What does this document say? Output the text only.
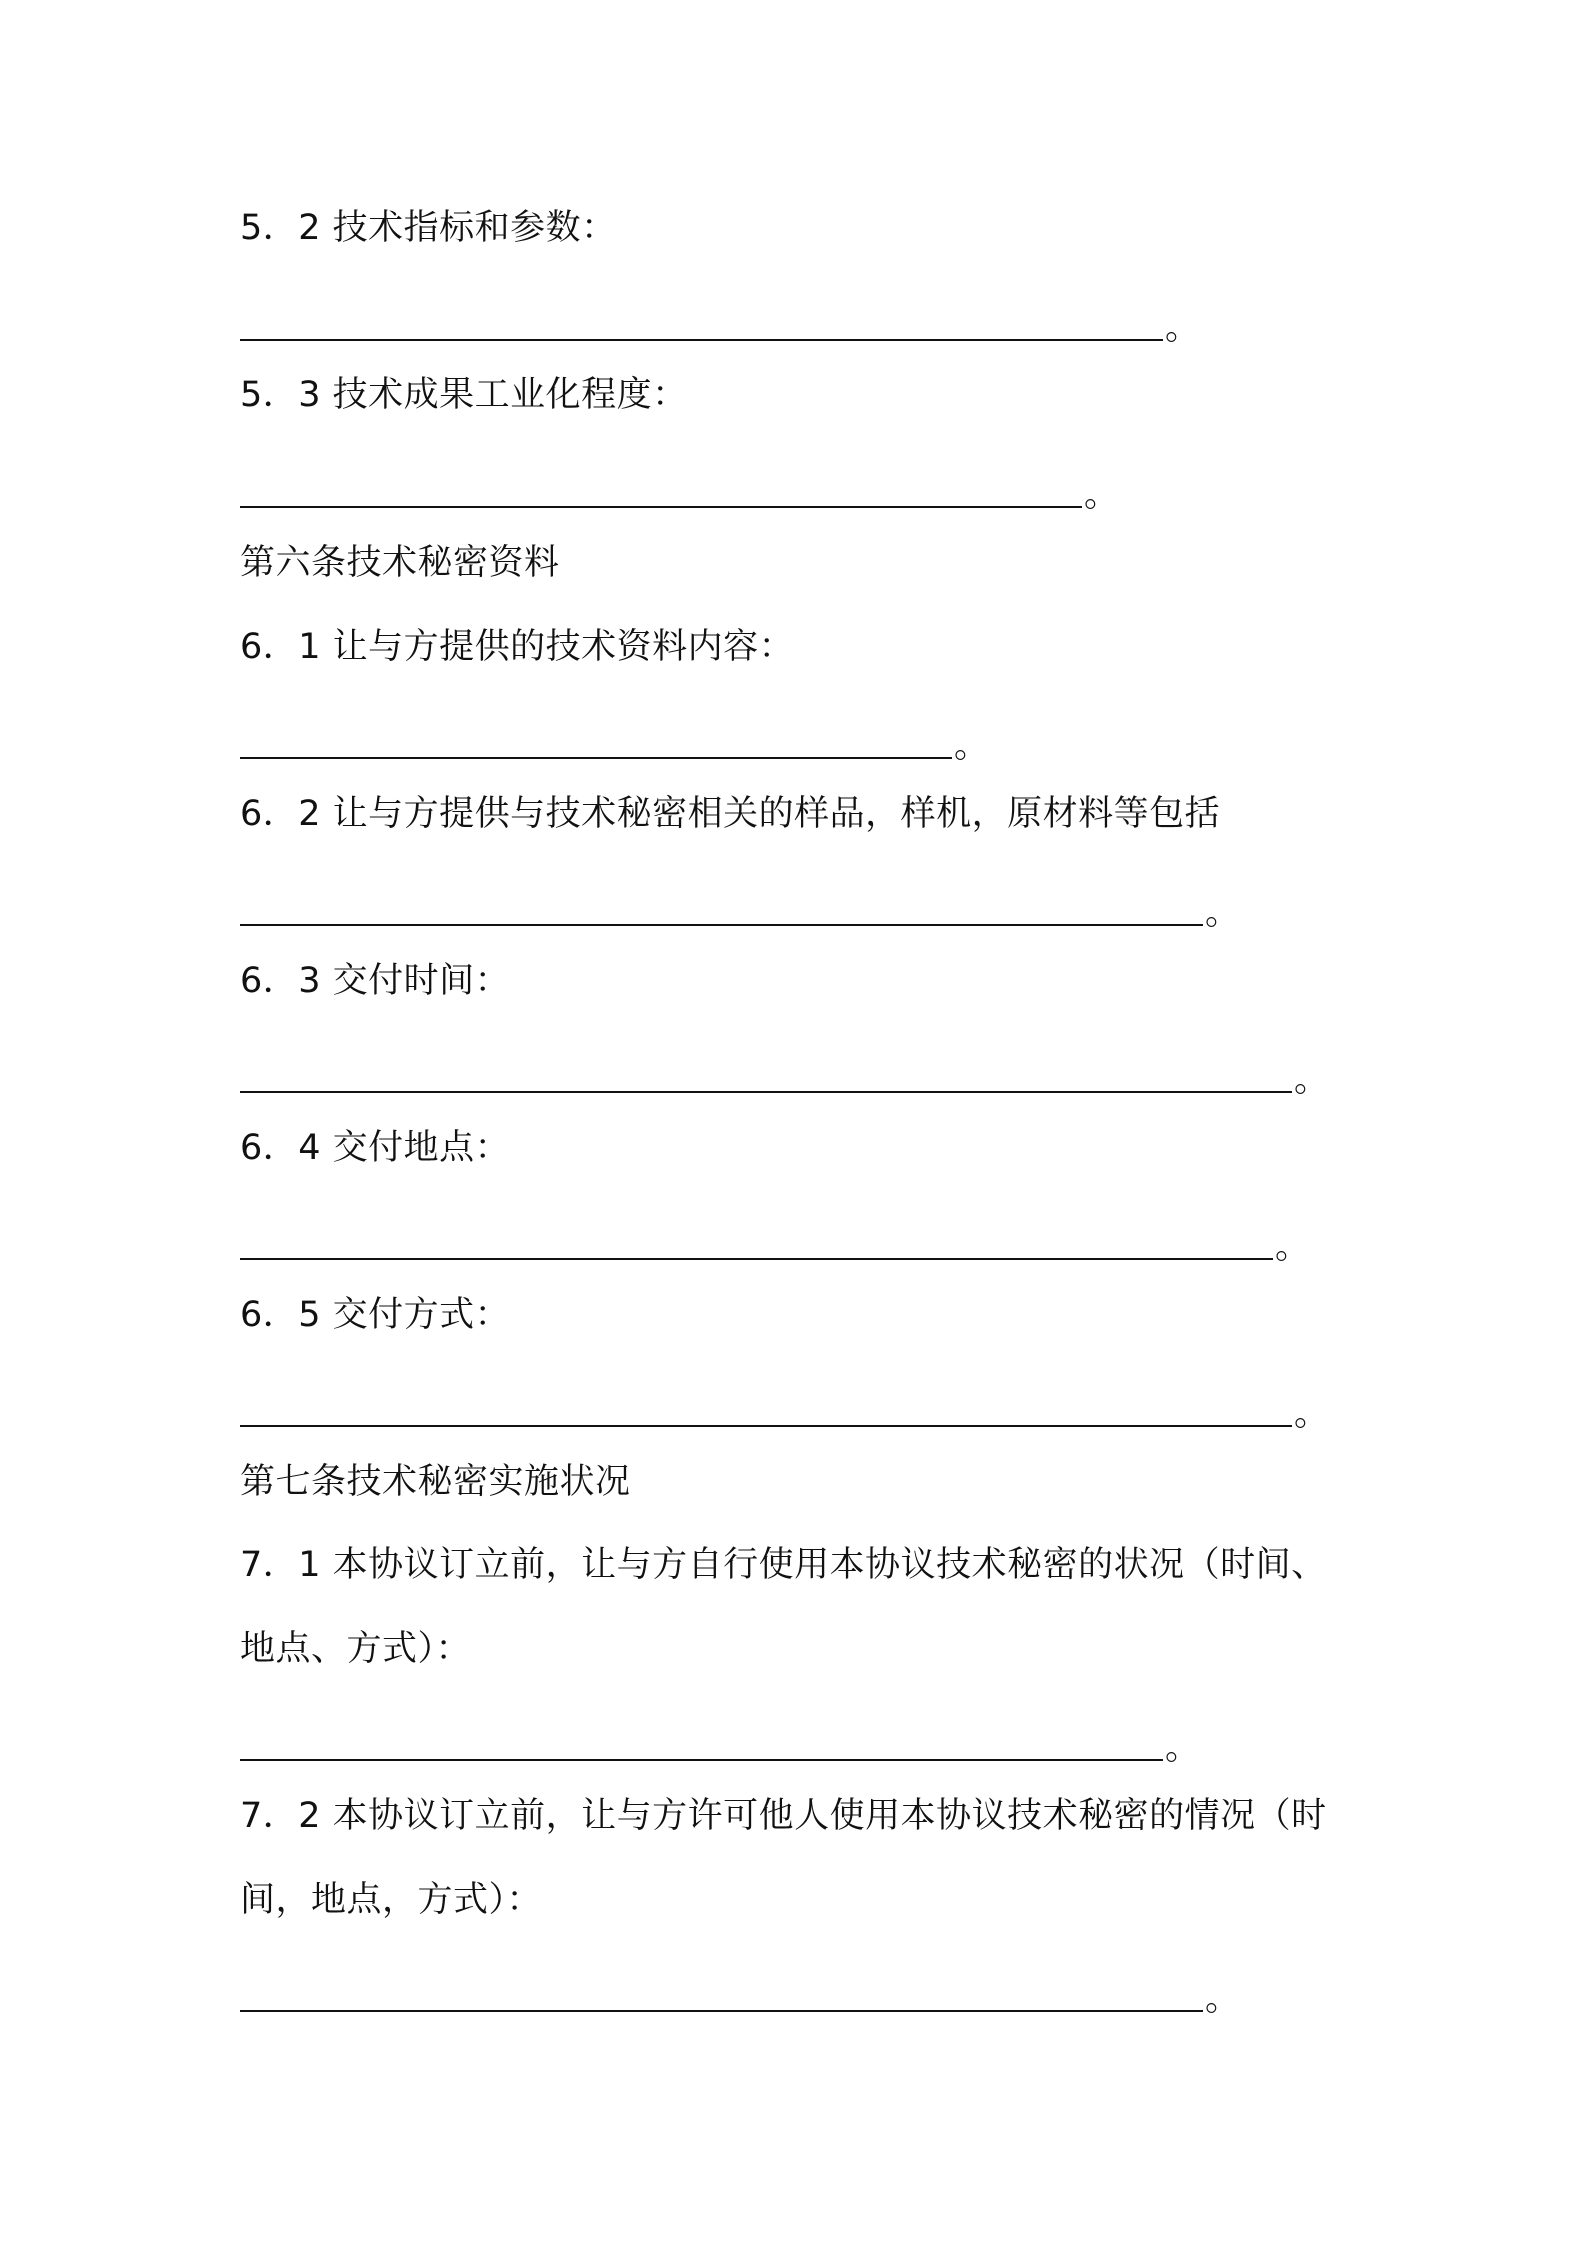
5．2 技术指标和参数：
。
5．3 技术成果工业化程度：
。
第六条技术秘密资料
6．1 让与方提供的技术资料内容：
。
6．2 让与方提供与技术秘密相关的样品，样机，原材料等包括
。
6．3 交付时间：
。
6．4 交付地点：
。
6．5 交付方式：
。
第七条技术秘密实施状况
7．1 本协议订立前，让与方自行使用本协议技术秘密的状况（时间、
地点、方式）：
。
7．2 本协议订立前，让与方许可他人使用本协议技术秘密的情况（时
间，地点，方式）：
。
